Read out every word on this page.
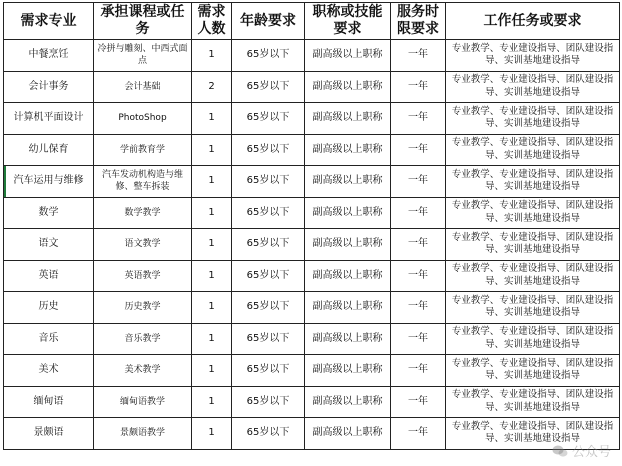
需求专业	承担课程或任务	需求人数	年龄要求	职称或技能要求	服务时限要求	工作任务或要求
中餐烹饪	冷拼与雕刻、中西式面点	1	65岁以下	副高级以上职称	一年	专业教学、专业建设指导、团队建设指导、实训基地建设指导
会计事务	会计基础	2	65岁以下	副高级以上职称	一年	专业教学、专业建设指导、团队建设指导、实训基地建设指导
计算机平面设计	PhotoShop	1	65岁以下	副高级以上职称	一年	专业教学、专业建设指导、团队建设指导、实训基地建设指导
幼儿保育	学前教育学	1	65岁以下	副高级以上职称	一年	专业教学、专业建设指导、团队建设指导、实训基地建设指导
汽车运用与维修	汽车发动机构造与维修、整车拆装	1	65岁以下	副高级以上职称	一年	专业教学、专业建设指导、团队建设指导、实训基地建设指导
数学	数学教学	1	65岁以下	副高级以上职称	一年	专业教学、专业建设指导、团队建设指导、实训基地建设指导
语文	语文教学	1	65岁以下	副高级以上职称	一年	专业教学、专业建设指导、团队建设指导、实训基地建设指导
英语	英语教学	1	65岁以下	副高级以上职称	一年	专业教学、专业建设指导、团队建设指导、实训基地建设指导
历史	历史教学	1	65岁以下	副高级以上职称	一年	专业教学、专业建设指导、团队建设指导、实训基地建设指导
音乐	音乐教学	1	65岁以下	副高级以上职称	一年	专业教学、专业建设指导、团队建设指导、实训基地建设指导
美术	美术教学	1	65岁以下	副高级以上职称	一年	专业教学、专业建设指导、团队建设指导、实训基地建设指导
缅甸语	缅甸语教学	1	65岁以下	副高级以上职称	一年	专业教学、专业建设指导、团队建设指导、实训基地建设指导
景颇语	景颇语教学	1	65岁以下	副高级以上职称	一年	专业教学、专业建设指导、团队建设指导、实训基地建设指导
公众号
